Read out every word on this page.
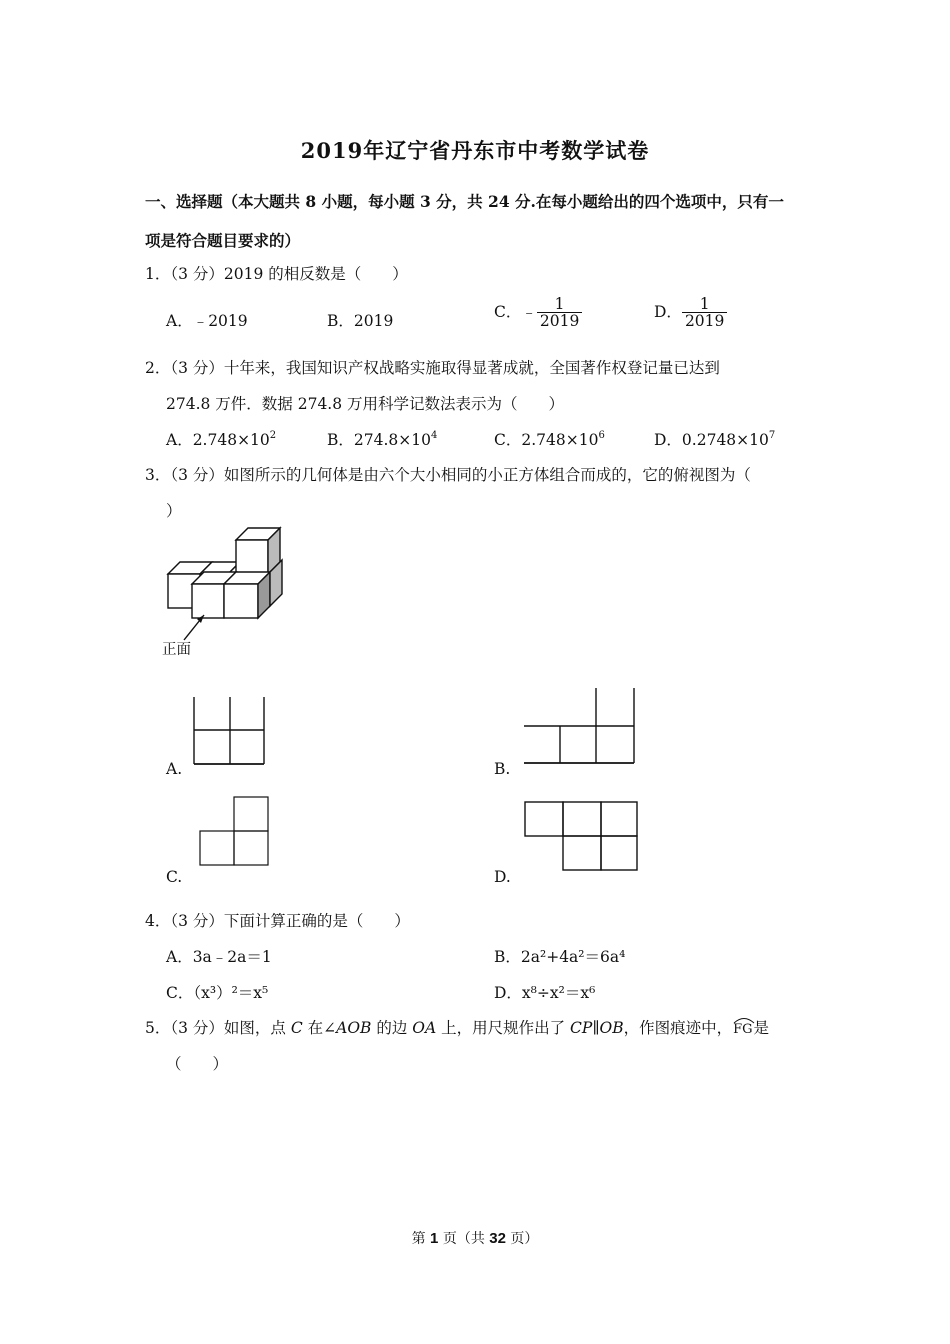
2019年辽宁省丹东市中考数学试卷
一、选择题（本大题共 8 小题，每小题 3 分，共 24 分.在每小题给出的四个选项中，只有一
项是符合题目要求的）
1．（3 分）2019 的相反数是（　　）
A．﹣2019	B．2019
C．﹣ $\frac{1}{2019}$	D． $\frac{1}{2019}$
2．（3 分）十年来，我国知识产权战略实施取得显著成就，全国著作权登记量已达到
274.8 万件．数据 274.8 万用科学记数法表示为（　　）
A．$2.748\times 10^2$	B．$274.8\times 10^4$	C．$2.748\times 10^6$	D．$0.2748\times 10^7$
3．（3 分）如图所示的几何体是由六个大小相同的小正方体组合而成的，它的俯视图为（
）
正面
A.	B.
C.	D.
4．（3 分）下面计算正确的是（　　）
A．3a﹣2a＝1	B．2a²+4a²＝6a⁴
C．（x³）²＝x⁵	D．x⁸÷x²＝x⁶
5．（3 分）如图，点 C 在∠AOB 的边 OA 上，用尺规作出了 CP∥OB，作图痕迹中，
FG是
（　　）
第 1 页（共 32 页）
